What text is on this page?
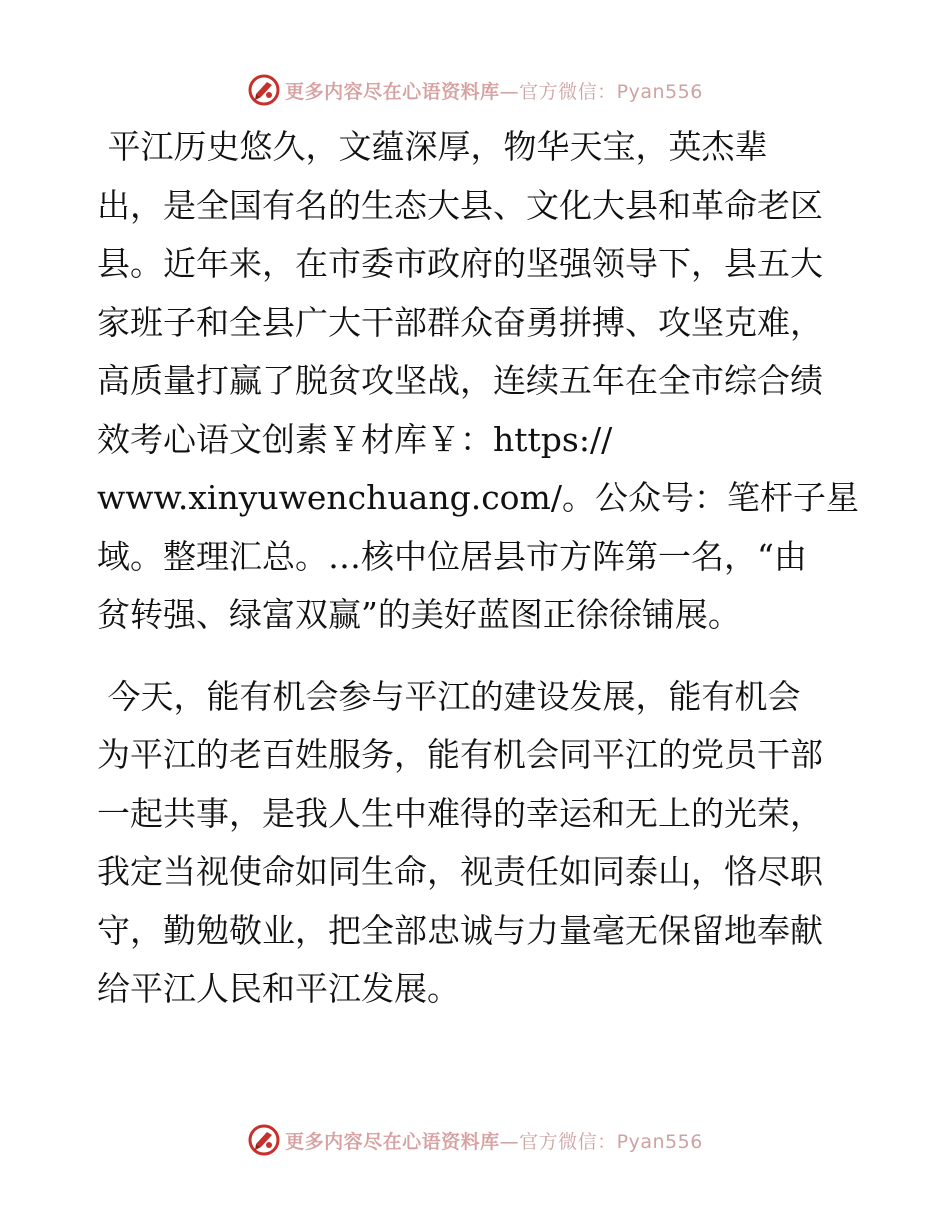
更多内容尽在心语资料库—官方微信：Pyan556
平江历史悠久，文蕴深厚，物华天宝，英杰辈
出，是全国有名的生态大县、文化大县和革命老区
县。近年来，在市委市政府的坚强领导下，县五大
家班子和全县广大干部群众奋勇拼搏、攻坚克难，
高质量打赢了脱贫攻坚战，连续五年在全市综合绩
效考心语文创素￥材库￥：https://
www.xinyuwenchuang.com/。公众号：笔杆子星
域。整理汇总。…核中位居县市方阵第一名，“由
贫转强、绿富双赢”的美好蓝图正徐徐铺展。
今天，能有机会参与平江的建设发展，能有机会
为平江的老百姓服务，能有机会同平江的党员干部
一起共事，是我人生中难得的幸运和无上的光荣，
我定当视使命如同生命，视责任如同泰山，恪尽职
守，勤勉敬业，把全部忠诚与力量毫无保留地奉献
给平江人民和平江发展。
更多内容尽在心语资料库—官方微信：Pyan556
